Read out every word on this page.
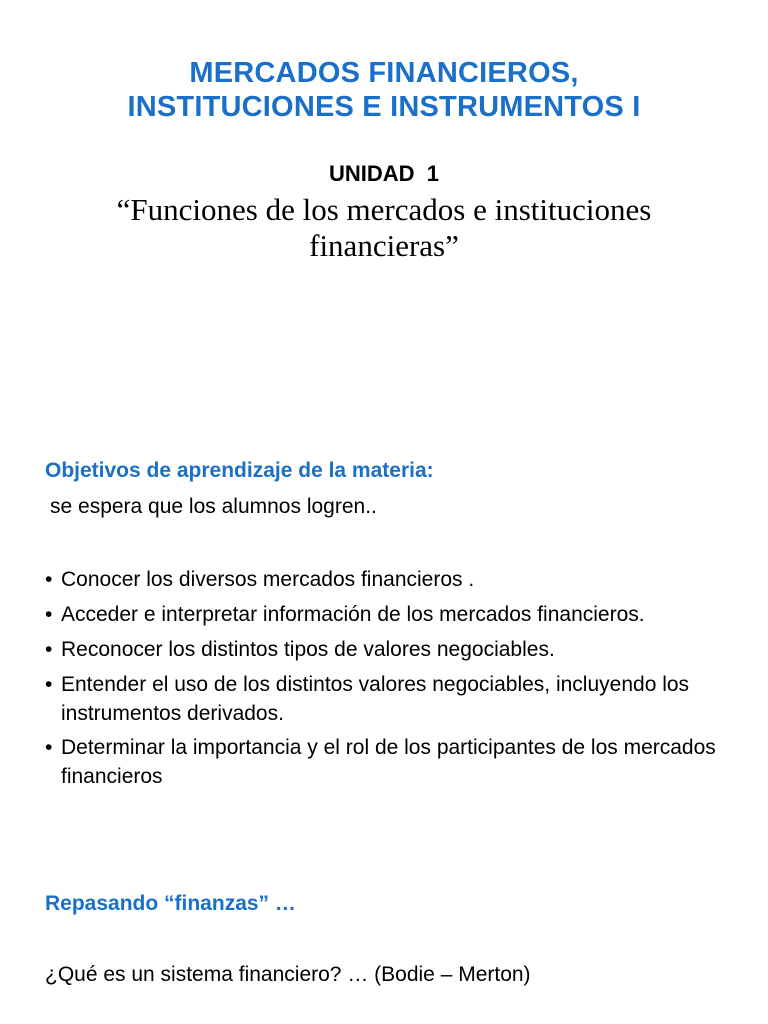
MERCADOS FINANCIEROS,
INSTITUCIONES E INSTRUMENTOS I
UNIDAD  1
“Funciones de los mercados e instituciones
financieras”
Objetivos de aprendizaje de la materia:
se espera que los alumnos logren..
• Conocer los diversos mercados financieros .
• Acceder e interpretar información de los mercados financieros.
• Reconocer los distintos tipos de valores negociables.
• Entender el uso de los distintos valores negociables, incluyendo los instrumentos derivados.
• Determinar la importancia y el rol de los participantes de los mercados financieros
Repasando “finanzas” …
¿Qué es un sistema financiero? … (Bodie – Merton)
